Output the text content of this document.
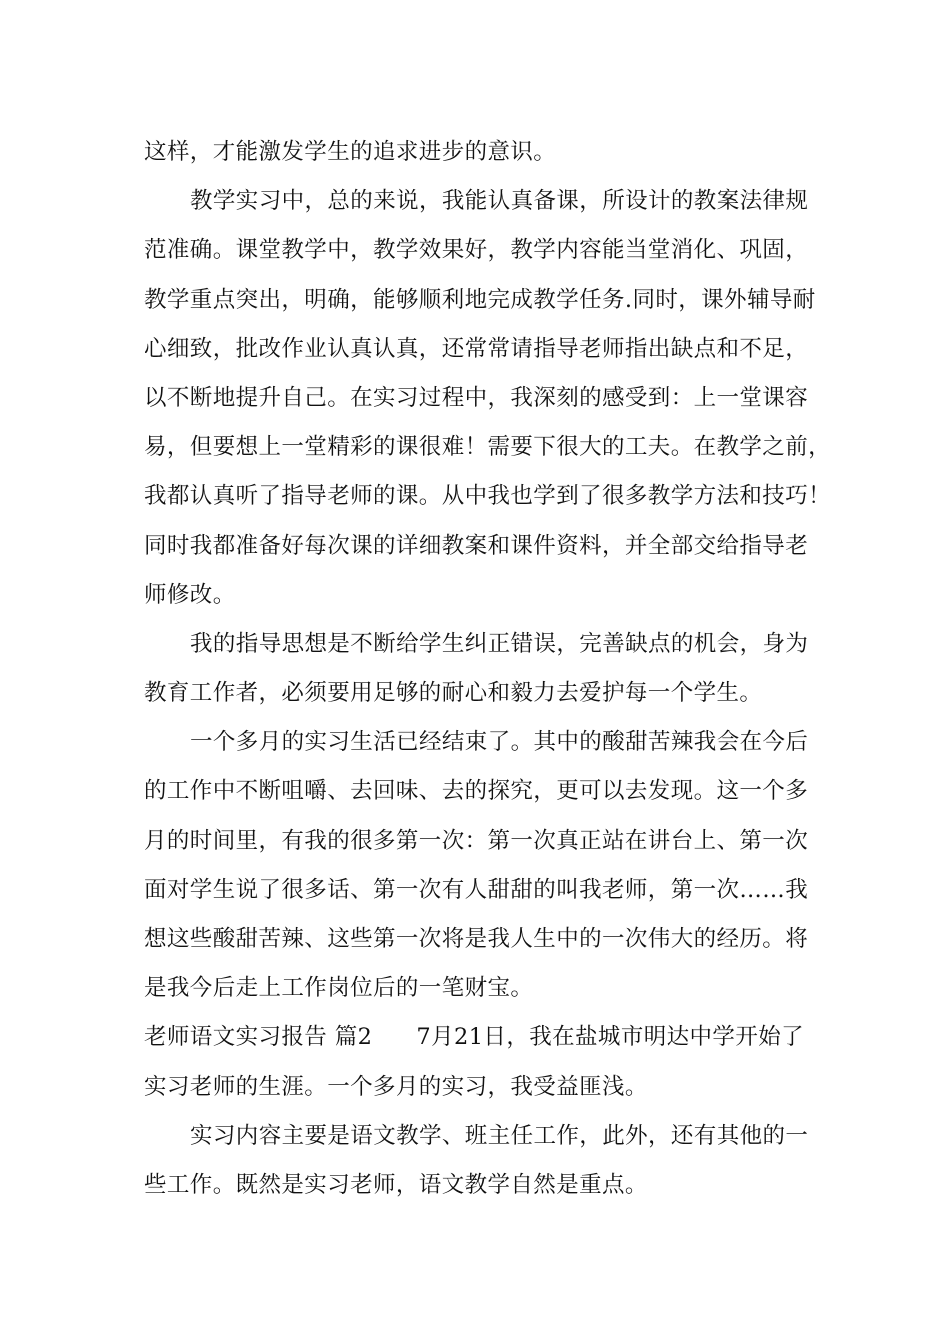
这样，才能激发学生的追求进步的意识。
教学实习中，总的来说，我能认真备课，所设计的教案法律规
范准确。课堂教学中，教学效果好，教学内容能当堂消化、巩固，
教学重点突出，明确，能够顺利地完成教学任务.同时，课外辅导耐
心细致，批改作业认真认真，还常常请指导老师指出缺点和不足，
以不断地提升自己。在实习过程中，我深刻的感受到：上一堂课容
易，但要想上一堂精彩的课很难！需要下很大的工夫。在教学之前，
我都认真听了指导老师的课。从中我也学到了很多教学方法和技巧！
同时我都准备好每次课的详细教案和课件资料，并全部交给指导老
师修改。
我的指导思想是不断给学生纠正错误，完善缺点的机会，身为
教育工作者，必须要用足够的耐心和毅力去爱护每一个学生。
一个多月的实习生活已经结束了。其中的酸甜苦辣我会在今后
的工作中不断咀嚼、去回味、去的探究，更可以去发现。这一个多
月的时间里，有我的很多第一次：第一次真正站在讲台上、第一次
面对学生说了很多话、第一次有人甜甜的叫我老师，第一次……我
想这些酸甜苦辣、这些第一次将是我人生中的一次伟大的经历。将
是我今后走上工作岗位后的一笔财宝。
老师语文实习报告 篇2 7月21日，我在盐城市明达中学开始了
实习老师的生涯。一个多月的实习，我受益匪浅。
实习内容主要是语文教学、班主任工作，此外，还有其他的一
些工作。既然是实习老师，语文教学自然是重点。
